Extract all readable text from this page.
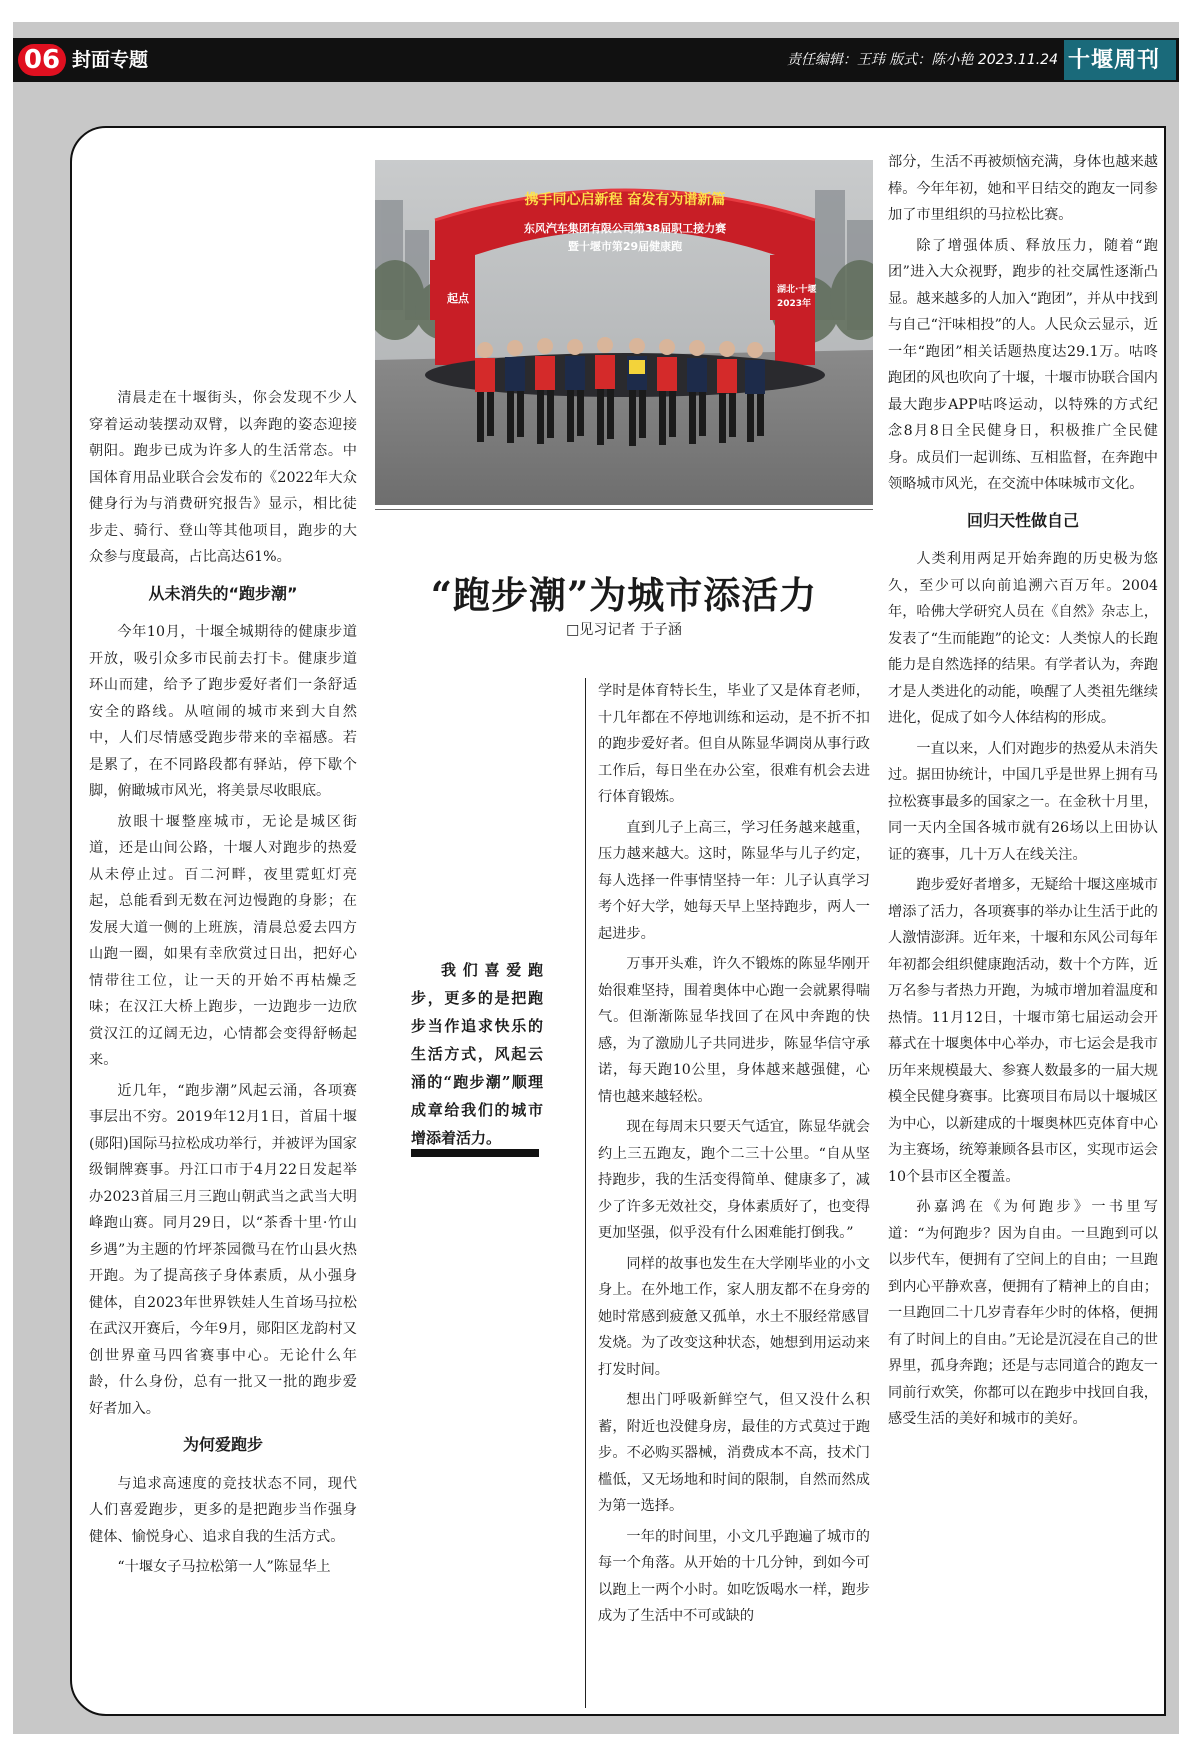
06 封面专题	责任编辑：王玮 版式：陈小艳 2023.11.24 十堰周刊
携手同心启新程 奋发有为谱新篇
东风汽车集团有限公司第38届职工接力赛
暨十堰市第29届健康跑
起点
湖北·十堰
2023年
“跑步潮”为城市添活力
□见习记者 于子涵
我们喜爱跑步，更多的是把跑步当作追求快乐的生活方式，风起云涌的“跑步潮”顺理成章给我们的城市增添着活力。

清晨走在十堰街头，你会发现不少人穿着运动装摆动双臂，以奔跑的姿态迎接朝阳。跑步已成为许多人的生活常态。中国体育用品业联合会发布的《2022年大众健身行为与消费研究报告》显示，相比徒步走、骑行、登山等其他项目，跑步的大众参与度最高，占比高达61%。

从未消失的“跑步潮”

今年10月，十堰全城期待的健康步道开放，吸引众多市民前去打卡。健康步道环山而建，给予了跑步爱好者们一条舒适安全的路线。从喧闹的城市来到大自然中，人们尽情感受跑步带来的幸福感。若是累了，在不同路段都有驿站，停下歇个脚，俯瞰城市风光，将美景尽收眼底。

放眼十堰整座城市，无论是城区街道，还是山间公路，十堰人对跑步的热爱从未停止过。百二河畔，夜里霓虹灯亮起，总能看到无数在河边慢跑的身影；在发展大道一侧的上班族，清晨总爱去四方山跑一圈，如果有幸欣赏过日出，把好心情带往工位，让一天的开始不再枯燥乏味；在汉江大桥上跑步，一边跑步一边欣赏汉江的辽阔无边，心情都会变得舒畅起来。

近几年，“跑步潮”风起云涌，各项赛事层出不穷。2019年12月1日，首届十堰(郧阳)国际马拉松成功举行，并被评为国家级铜牌赛事。丹江口市于4月22日发起举办2023首届三月三跑山朝武当之武当大明峰跑山赛。同月29日，以“茶香十里·竹山乡遇”为主题的竹坪茶园微马在竹山县火热开跑。为了提高孩子身体素质，从小强身健体，自2023年世界铁娃人生首场马拉松在武汉开赛后，今年9月，郧阳区龙韵村又创世界童马四省赛事中心。无论什么年龄，什么身份，总有一批又一批的跑步爱好者加入。

为何爱跑步

与追求高速度的竞技状态不同，现代人们喜爱跑步，更多的是把跑步当作强身健体、愉悦身心、追求自我的生活方式。

“十堰女子马拉松第一人”陈显华上

学时是体育特长生，毕业了又是体育老师，十几年都在不停地训练和运动，是不折不扣的跑步爱好者。但自从陈显华调岗从事行政工作后，每日坐在办公室，很难有机会去进行体育锻炼。

直到儿子上高三，学习任务越来越重，压力越来越大。这时，陈显华与儿子约定，每人选择一件事情坚持一年：儿子认真学习考个好大学，她每天早上坚持跑步，两人一起进步。

万事开头难，许久不锻炼的陈显华刚开始很难坚持，围着奥体中心跑一会就累得喘气。但渐渐陈显华找回了在风中奔跑的快感，为了激励儿子共同进步，陈显华信守承诺，每天跑10公里，身体越来越强健，心情也越来越轻松。

现在每周末只要天气适宜，陈显华就会约上三五跑友，跑个二三十公里。“自从坚持跑步，我的生活变得简单、健康多了，减少了许多无效社交，身体素质好了，也变得更加坚强，似乎没有什么困难能打倒我。”

同样的故事也发生在大学刚毕业的小文身上。在外地工作，家人朋友都不在身旁的她时常感到疲惫又孤单，水土不服经常感冒发烧。为了改变这种状态，她想到用运动来打发时间。

想出门呼吸新鲜空气，但又没什么积蓄，附近也没健身房，最佳的方式莫过于跑步。不必购买器械，消费成本不高，技术门槛低，又无场地和时间的限制，自然而然成为第一选择。

一年的时间里，小文几乎跑遍了城市的每一个角落。从开始的十几分钟，到如今可以跑上一两个小时。如吃饭喝水一样，跑步成为了生活中不可或缺的

部分，生活不再被烦恼充满，身体也越来越棒。今年年初，她和平日结交的跑友一同参加了市里组织的马拉松比赛。

除了增强体质、释放压力，随着“跑团”进入大众视野，跑步的社交属性逐渐凸显。越来越多的人加入“跑团”，并从中找到与自己“汗味相投”的人。人民众云显示，近一年“跑团”相关话题热度达29.1万。咕咚跑团的风也吹向了十堰，十堰市协联合国内最大跑步APP咕咚运动，以特殊的方式纪念8月8日全民健身日，积极推广全民健身。成员们一起训练、互相监督，在奔跑中领略城市风光，在交流中体味城市文化。

回归天性做自己

人类利用两足开始奔跑的历史极为悠久，至少可以向前追溯六百万年。2004年，哈佛大学研究人员在《自然》杂志上，发表了“生而能跑”的论文：人类惊人的长跑能力是自然选择的结果。有学者认为，奔跑才是人类进化的动能，唤醒了人类祖先继续进化，促成了如今人体结构的形成。

一直以来，人们对跑步的热爱从未消失过。据田协统计，中国几乎是世界上拥有马拉松赛事最多的国家之一。在金秋十月里，同一天内全国各城市就有26场以上田协认证的赛事，几十万人在线关注。

跑步爱好者增多，无疑给十堰这座城市增添了活力，各项赛事的举办让生活于此的人激情澎湃。近年来，十堰和东风公司每年年初都会组织健康跑活动，数十个方阵，近万名参与者热力开跑，为城市增加着温度和热情。11月12日，十堰市第七届运动会开幕式在十堰奥体中心举办，市七运会是我市历年来规模最大、参赛人数最多的一届大规模全民健身赛事。比赛项目布局以十堰城区为中心，以新建成的十堰奥林匹克体育中心为主赛场，统筹兼顾各县市区，实现市运会10个县市区全覆盖。

孙嘉鸿在《为何跑步》一书里写道：“为何跑步？因为自由。一旦跑到可以以步代车，便拥有了空间上的自由；一旦跑到内心平静欢喜，便拥有了精神上的自由；一旦跑回二十几岁青春年少时的体格，便拥有了时间上的自由。”无论是沉浸在自己的世界里，孤身奔跑；还是与志同道合的跑友一同前行欢笑，你都可以在跑步中找回自我，感受生活的美好和城市的美好。
